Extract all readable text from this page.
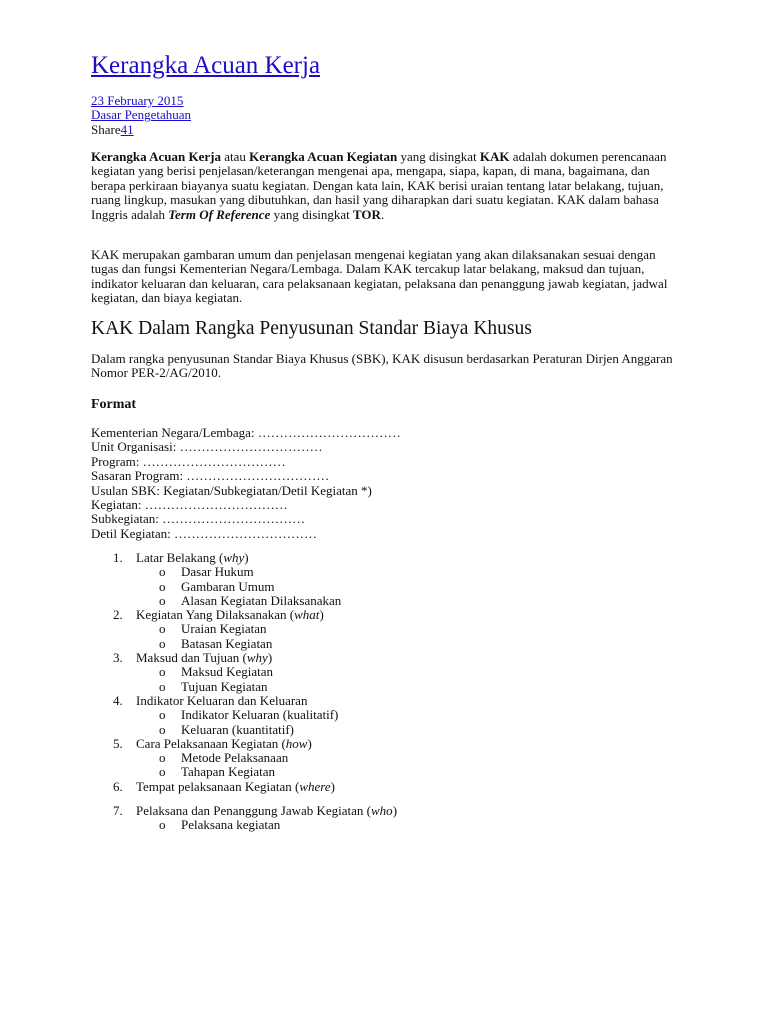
Kerangka Acuan Kerja
23 February 2015
Dasar Pengetahuan
Share41

Kerangka Acuan Kerja atau Kerangka Acuan Kegiatan yang disingkat KAK adalah dokumen perencanaan kegiatan yang berisi penjelasan/keterangan mengenai apa, mengapa, siapa, kapan, di mana, bagaimana, dan berapa perkiraan biayanya suatu kegiatan. Dengan kata lain, KAK berisi uraian tentang latar belakang, tujuan, ruang lingkup, masukan yang dibutuhkan, dan hasil yang diharapkan dari suatu kegiatan. KAK dalam bahasa Inggris adalah Term Of Reference yang disingkat TOR.

KAK merupakan gambaran umum dan penjelasan mengenai kegiatan yang akan dilaksanakan sesuai dengan tugas dan fungsi Kementerian Negara/Lembaga. Dalam KAK tercakup latar belakang, maksud dan tujuan, indikator keluaran dan keluaran, cara pelaksanaan kegiatan, pelaksana dan penanggung jawab kegiatan, jadwal kegiatan, dan biaya kegiatan.

KAK Dalam Rangka Penyusunan Standar Biaya Khusus

Dalam rangka penyusunan Standar Biaya Khusus (SBK), KAK disusun berdasarkan Peraturan Dirjen Anggaran Nomor PER-2/AG/2010.

Format
Kementerian Negara/Lembaga: ……………………………
Unit Organisasi: ……………………………
Program: ……………………………
Sasaran Program: ……………………………
Usulan SBK: Kegiatan/Subkegiatan/Detil Kegiatan *)
Kegiatan: ……………………………
Subkegiatan: ……………………………
Detil Kegiatan: ……………………………
1. Latar Belakang (why)
o Dasar Hukum
o Gambaran Umum
o Alasan Kegiatan Dilaksanakan
2. Kegiatan Yang Dilaksanakan (what)
o Uraian Kegiatan
o Batasan Kegiatan
3. Maksud dan Tujuan (why)
o Maksud Kegiatan
o Tujuan Kegiatan
4. Indikator Keluaran dan Keluaran
o Indikator Keluaran (kualitatif)
o Keluaran (kuantitatif)
5. Cara Pelaksanaan Kegiatan (how)
o Metode Pelaksanaan
o Tahapan Kegiatan
6. Tempat pelaksanaan Kegiatan (where)
7. Pelaksana dan Penanggung Jawab Kegiatan (who)
o Pelaksana kegiatan
